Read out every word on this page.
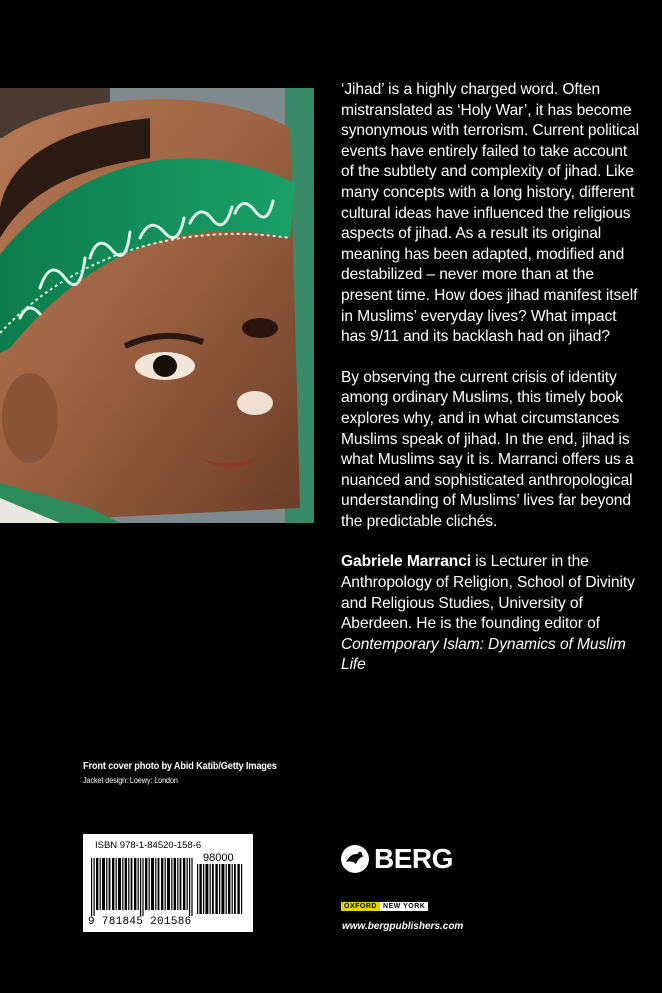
‘Jihad’ is a highly charged word. Often mistranslated as ‘Holy War’, it has become synonymous with terrorism. Current political events have entirely failed to take account of the subtlety and complexity of jihad. Like many concepts with a long history, different cultural ideas have influenced the religious aspects of jihad. As a result its original meaning has been adapted, modified and destabilized – never more than at the present time. How does jihad manifest itself in Muslims’ everyday lives? What impact has 9/11 and its backlash had on jihad?

By observing the current crisis of identity among ordinary Muslims, this timely book explores why, and in what circumstances Muslims speak of jihad. In the end, jihad is what Muslims say it is. Marranci offers us a nuanced and sophisticated anthropological understanding of Muslims’ lives far beyond the predictable clichés.

Gabriele Marranci is Lecturer in the Anthropology of Religion, School of Divinity and Religious Studies, University of Aberdeen. He is the founding editor of Contemporary Islam: Dynamics of Muslim Life

Front cover photo by Abid Katib/Getty Images
Jacket design: Loewy: London
ISBN 978-1-84520-158-6
98000
9 781845 201586
BERG
OXFORD NEW YORK
www.bergpublishers.com
